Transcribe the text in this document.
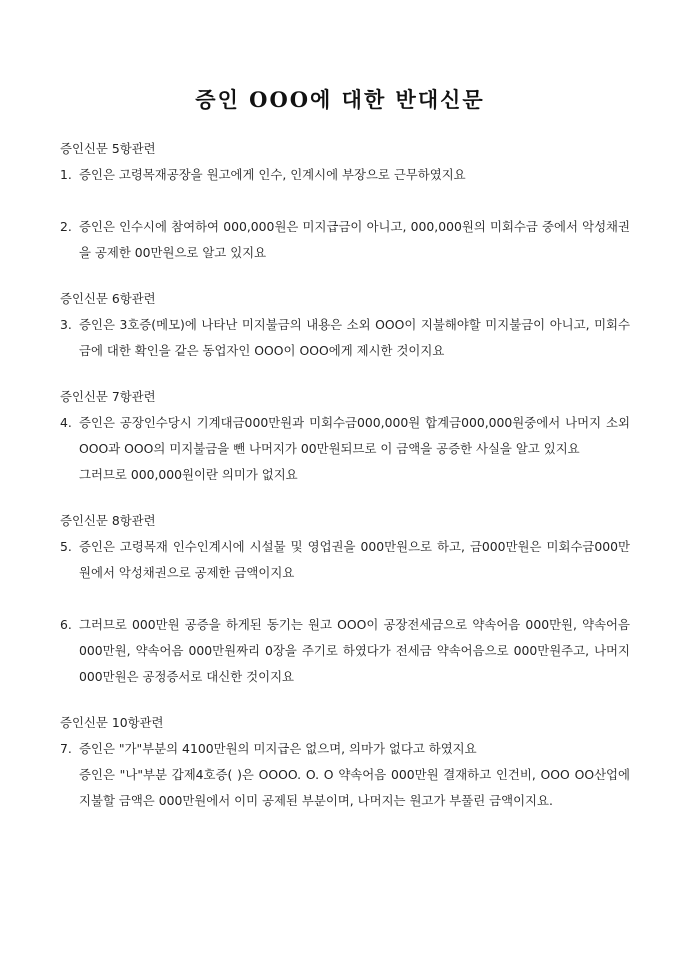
증인 OOO에 대한 반대신문
증인신문 5항관련
1. 증인은 고령목재공장을 원고에게 인수, 인계시에 부장으로 근무하였지요
2. 증인은 인수시에 참여하여 000,000원은 미지급금이 아니고, 000,000원의 미회수금 중에서 악성채권을 공제한 00만원으로 알고 있지요
증인신문 6항관련
3. 증인은 3호증(메모)에 나타난 미지불금의 내용은 소외 OOO이 지불해야할 미지불금이 아니고, 미회수금에 대한 확인을 같은 동업자인 OOO이 OOO에게 제시한 것이지요
증인신문 7항관련
4. 증인은 공장인수당시 기계대금000만원과 미회수금000,000원 합계금000,000원중에서 나머지 소외 OOO과 OOO의 미지불금을 뺀 나머지가 00만원되므로 이 금액을 공증한 사실을 알고 있지요
그러므로 000,000원이란 의미가 없지요
증인신문 8항관련
5. 증인은 고령목재 인수인계시에 시설물 및 영업권을 000만원으로 하고, 금000만원은 미회수금000만원에서 악성채권으로 공제한 금액이지요
6. 그러므로 000만원 공증을 하게된 동기는 원고 OOO이 공장전세금으로 약속어음 000만원, 약속어음 000만원, 약속어음 000만원짜리 0장을 주기로 하였다가 전세금 약속어음으로 000만원주고, 나머지 000만원은 공정증서로 대신한 것이지요
증인신문 10항관련
7. 증인은 "가"부분의 4100만원의 미지급은 없으며, 의마가 없다고 하였지요
증인은 "나"부분 갑제4호증( )은 OOOO. O. O 약속어음 000만원 결재하고 인건비, OOO OO산업에 지불할 금액은 000만원에서 이미 공제된 부분이며, 나머지는 원고가 부풀린 금액이지요.
